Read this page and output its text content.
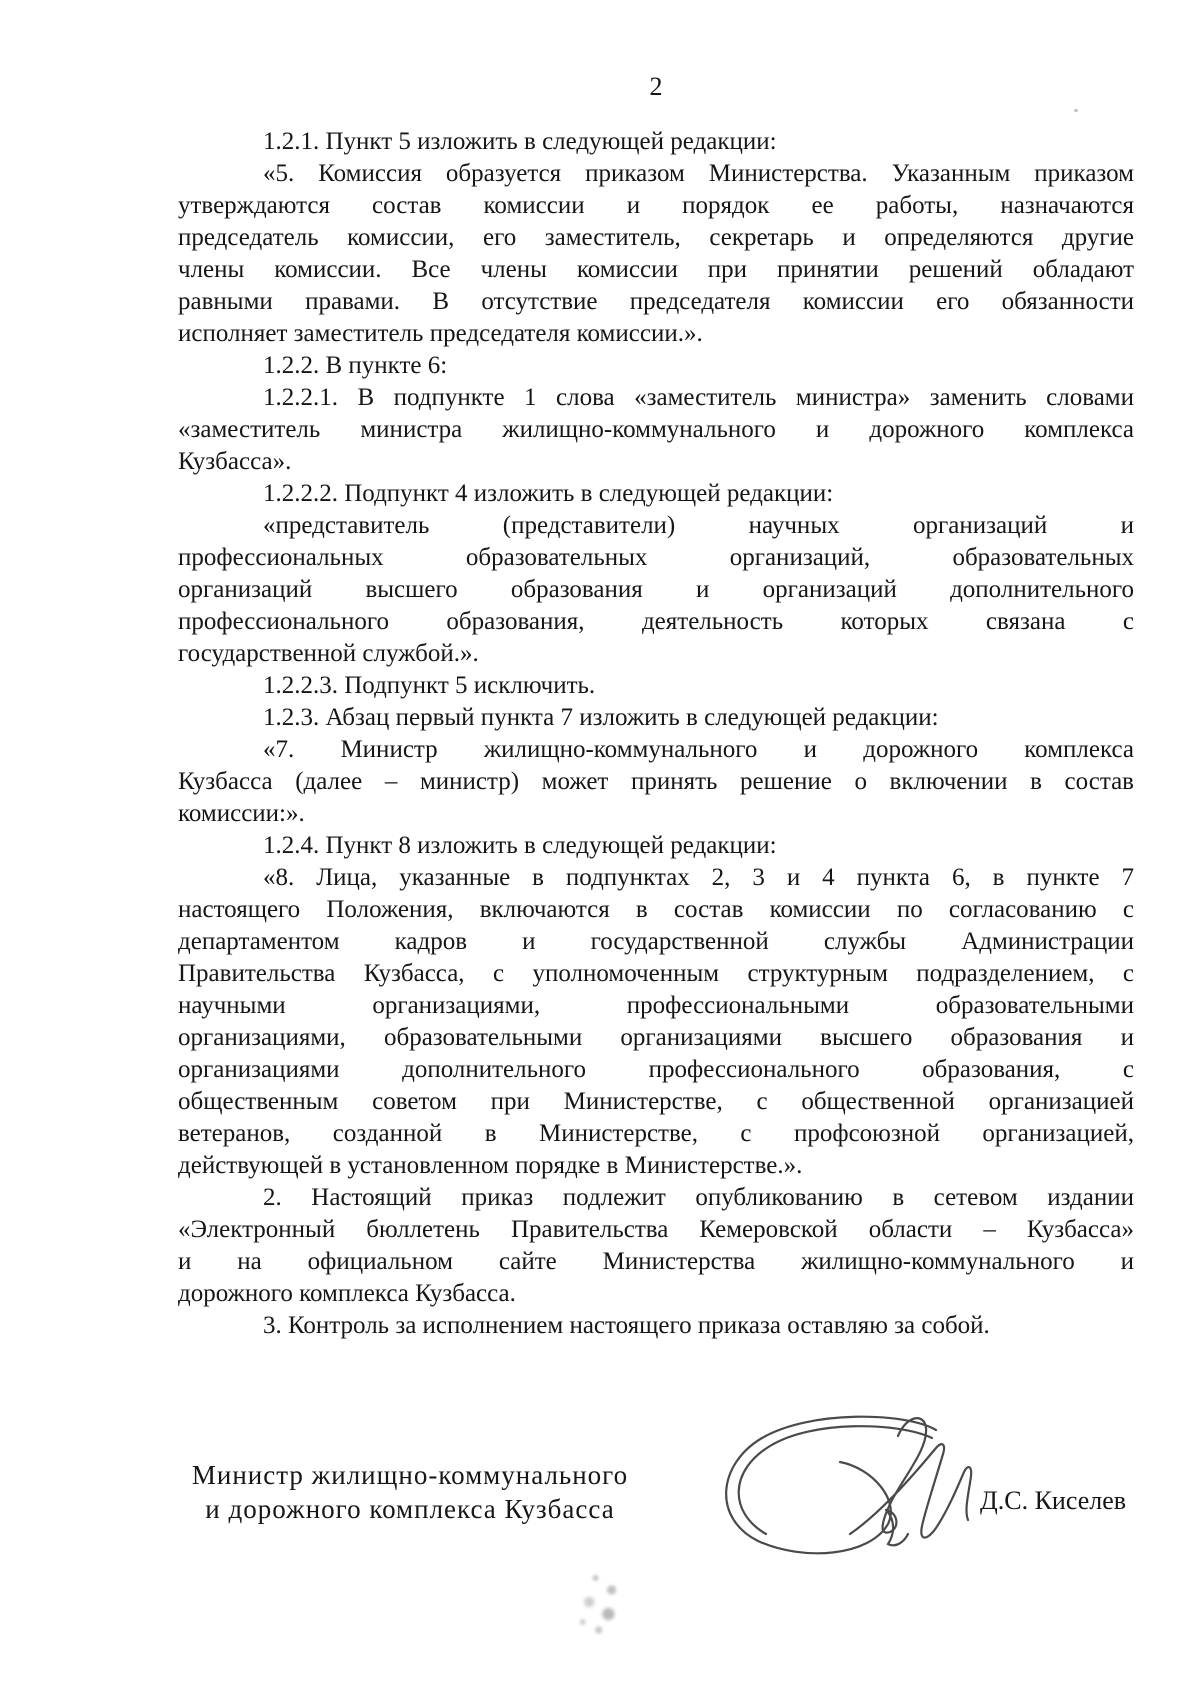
2
1.2.1. Пункт 5 изложить в следующей редакции:
«5. Комиссия образуется приказом Министерства. Указанным приказом
утверждаются состав комиссии и порядок ее работы, назначаются
председатель комиссии, его заместитель, секретарь и определяются другие
члены комиссии. Все члены комиссии при принятии решений обладают
равными правами. В отсутствие председателя комиссии его обязанности
исполняет заместитель председателя комиссии.».
1.2.2. В пункте 6:
1.2.2.1. В подпункте 1 слова «заместитель министра» заменить словами
«заместитель министра жилищно-коммунального и дорожного комплекса
Кузбасса».
1.2.2.2. Подпункт 4 изложить в следующей редакции:
«представитель (представители) научных организаций и
профессиональных образовательных организаций, образовательных
организаций высшего образования и организаций дополнительного
профессионального образования, деятельность которых связана с
государственной службой.».
1.2.2.3. Подпункт 5 исключить.
1.2.3. Абзац первый пункта 7 изложить в следующей редакции:
«7. Министр жилищно-коммунального и дорожного комплекса
Кузбасса (далее – министр) может принять решение о включении в состав
комиссии:».
1.2.4. Пункт 8 изложить в следующей редакции:
«8. Лица, указанные в подпунктах 2, 3 и 4 пункта 6, в пункте 7
настоящего Положения, включаются в состав комиссии по согласованию с
департаментом кадров и государственной службы Администрации
Правительства Кузбасса, с уполномоченным структурным подразделением, с
научными организациями, профессиональными образовательными
организациями, образовательными организациями высшего образования и
организациями дополнительного профессионального образования, с
общественным советом при Министерстве, с общественной организацией
ветеранов, созданной в Министерстве, с профсоюзной организацией,
действующей в установленном порядке в Министерстве.».
2. Настоящий приказ подлежит опубликованию в сетевом издании
«Электронный бюллетень Правительства Кемеровской области – Кузбасса»
и на официальном сайте Министерства жилищно-коммунального и
дорожного комплекса Кузбасса.
3. Контроль за исполнением настоящего приказа оставляю за собой.
Министр жилищно-коммунального
и дорожного комплекса Кузбасса	Д.С. Киселев
